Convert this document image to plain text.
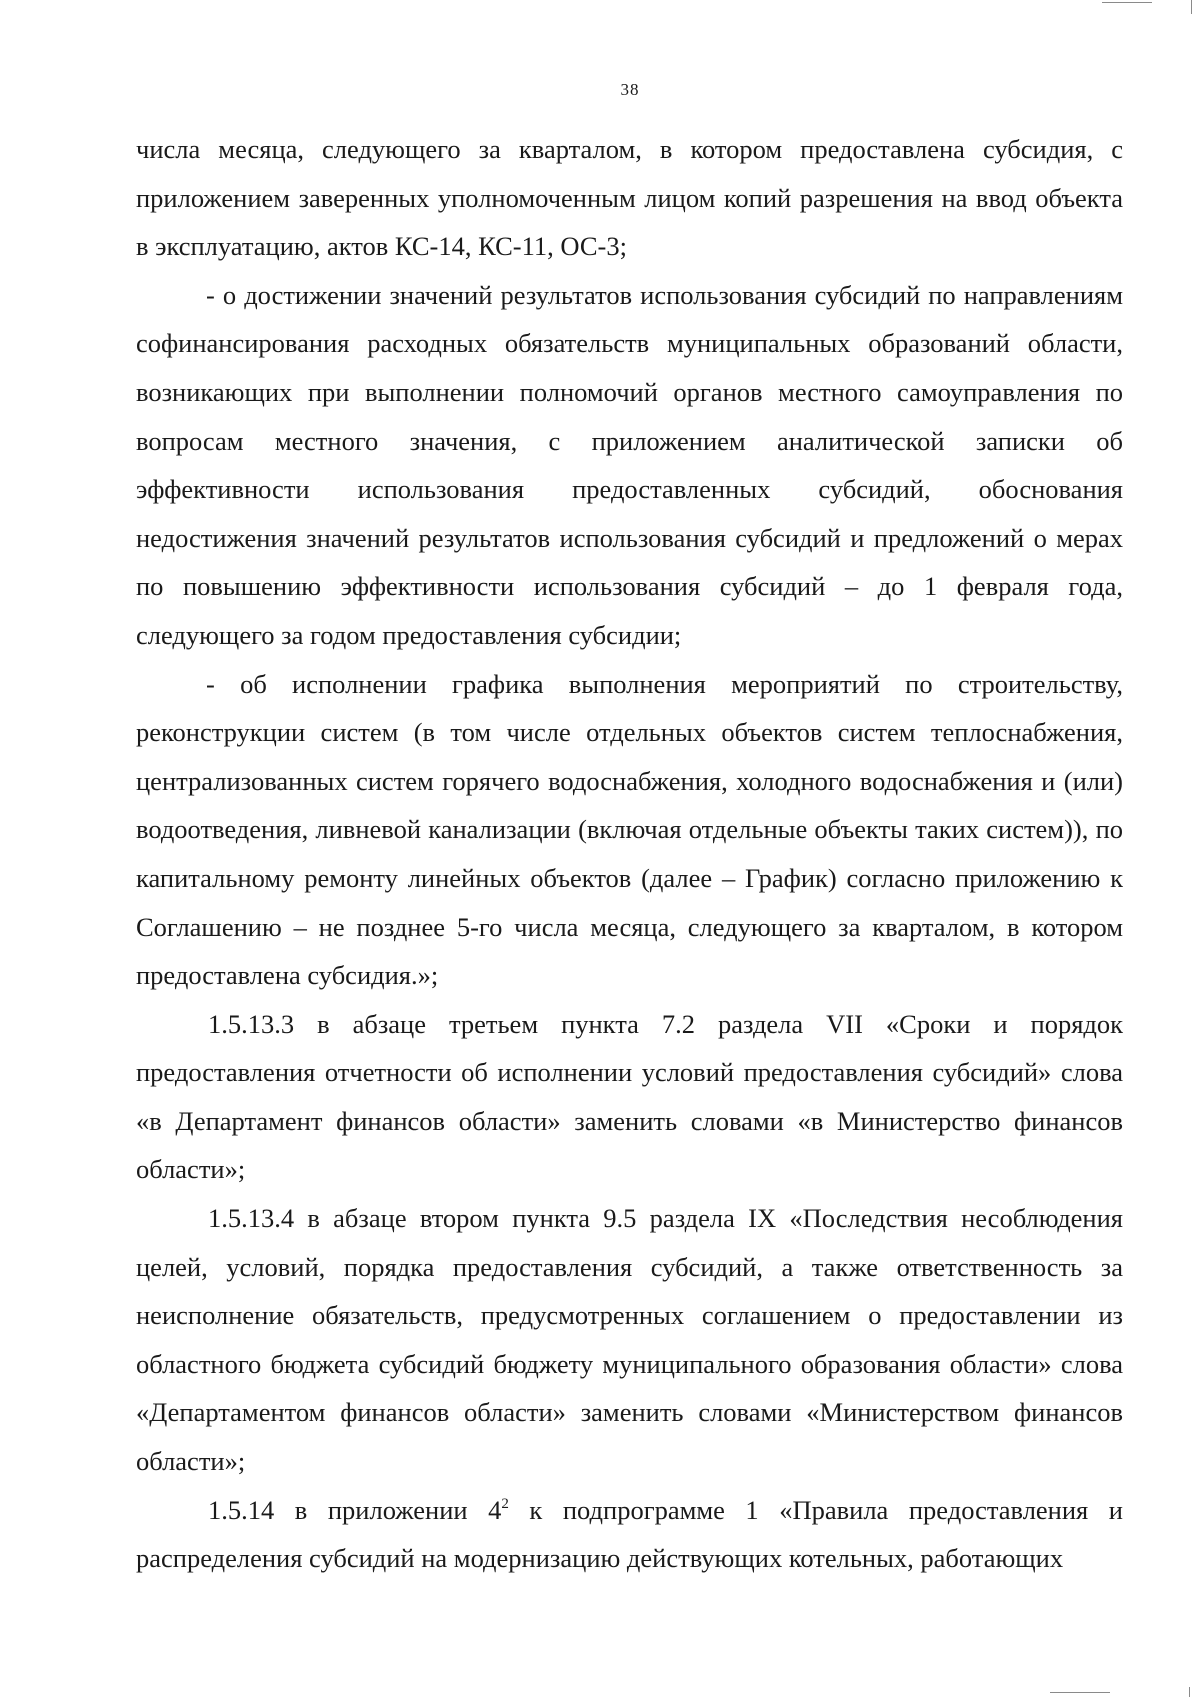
38

числа месяца, следующего за кварталом, в котором предоставлена субсидия, с приложением заверенных уполномоченным лицом копий разрешения на ввод объекта в эксплуатацию, актов КС-14, КС-11, ОС-3;

- о достижении значений результатов использования субсидий по направлениям софинансирования расходных обязательств муниципальных образований области, возникающих при выполнении полномочий органов местного самоуправления по вопросам местного значения, с приложением аналитической записки об эффективности использования предоставленных субсидий, обоснования недостижения значений результатов использования субсидий и предложений о мерах по повышению эффективности использования субсидий – до 1 февраля года, следующего за годом предоставления субсидии;

- об исполнении графика выполнения мероприятий по строительству, реконструкции систем (в том числе отдельных объектов систем теплоснабжения, централизованных систем горячего водоснабжения, холодного водоснабжения и (или) водоотведения, ливневой канализации (включая отдельные объекты таких систем)), по капитальному ремонту линейных объектов (далее – График) согласно приложению к Соглашению – не позднее 5-го числа месяца, следующего за кварталом, в котором предоставлена субсидия.»;

1.5.13.3 в абзаце третьем пункта 7.2 раздела VII «Сроки и порядок предоставления отчетности об исполнении условий предоставления субсидий» слова «в Департамент финансов области» заменить словами «в Министерство финансов области»;

1.5.13.4 в абзаце втором пункта 9.5 раздела IX «Последствия несоблюдения целей, условий, порядка предоставления субсидий, а также ответственность за неисполнение обязательств, предусмотренных соглашением о предоставлении из областного бюджета субсидий бюджету муниципального образования области» слова «Департаментом финансов области» заменить словами «Министерством финансов области»;

1.5.14 в приложении $4^2$ к подпрограмме 1 «Правила предоставления и распределения субсидий на модернизацию действующих котельных, работающих
